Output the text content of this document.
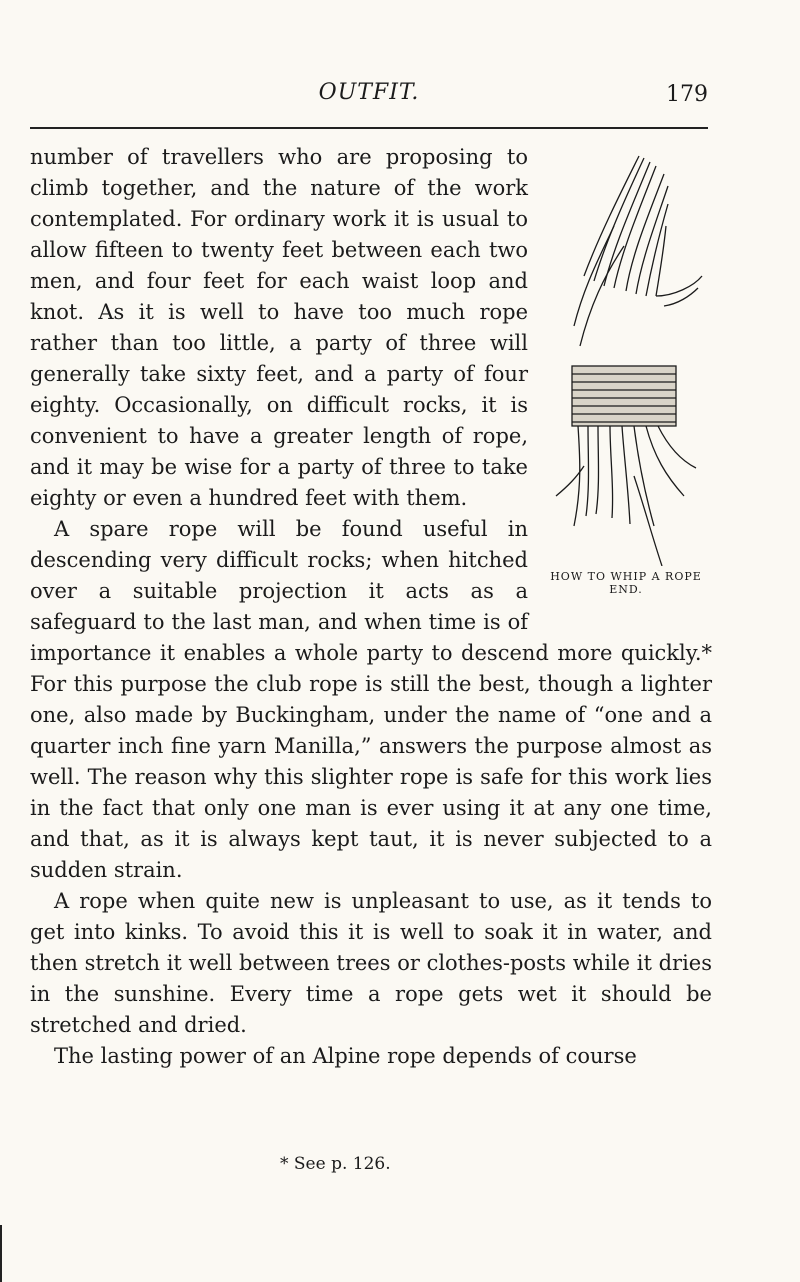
OUTFIT.	179
HOW TO WHIP A ROPE END.

number of travellers who are proposing to climb together, and the nature of the work contemplated. For ordinary work it is usual to allow fifteen to twenty feet between each two men, and four feet for each waist loop and knot. As it is well to have too much rope rather than too little, a party of three will generally take sixty feet, and a party of four eighty. Occasionally, on difficult rocks, it is convenient to have a greater length of rope, and it may be wise for a party of three to take eighty or even a hundred feet with them.

A spare rope will be found useful in descending very difficult rocks; when hitched over a suitable projection it acts as a safeguard to the last man, and when time is of importance it enables a whole party to descend more quickly.* For this purpose the club rope is still the best, though a lighter one, also made by Buckingham, under the name of “one and a quarter inch fine yarn Manilla,” answers the purpose almost as well. The reason why this slighter rope is safe for this work lies in the fact that only one man is ever using it at any one time, and that, as it is always kept taut, it is never subjected to a sudden strain.

A rope when quite new is unpleasant to use, as it tends to get into kinks. To avoid this it is well to soak it in water, and then stretch it well between trees or clothes-posts while it dries in the sunshine. Every time a rope gets wet it should be stretched and dried.

The lasting power of an Alpine rope depends of course

* See p. 126.
